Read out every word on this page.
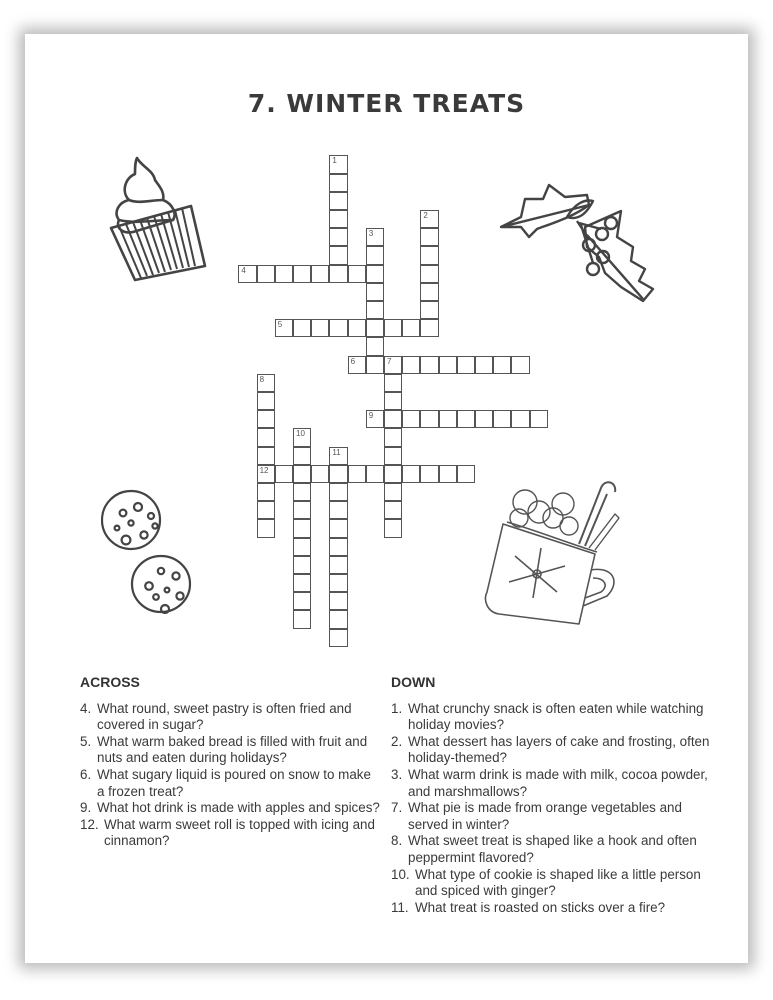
7. WINTER TREATS
1
2
3
4
5
6	7
8
12
9
10
11
ACROSS
4. What round, sweet pastry is often fried and covered in sugar?
5. What warm baked bread is filled with fruit and nuts and eaten during holidays?
6. What sugary liquid is poured on snow to make a frozen treat?
9. What hot drink is made with apples and spices?
12. What warm sweet roll is topped with icing and cinnamon?
DOWN
1. What crunchy snack is often eaten while watching holiday movies?
2. What dessert has layers of cake and frosting, often holiday-themed?
3. What warm drink is made with milk, cocoa powder, and marshmallows?
7. What pie is made from orange vegetables and served in winter?
8. What sweet treat is shaped like a hook and often peppermint flavored?
10. What type of cookie is shaped like a little person and spiced with ginger?
11. What treat is roasted on sticks over a fire?
